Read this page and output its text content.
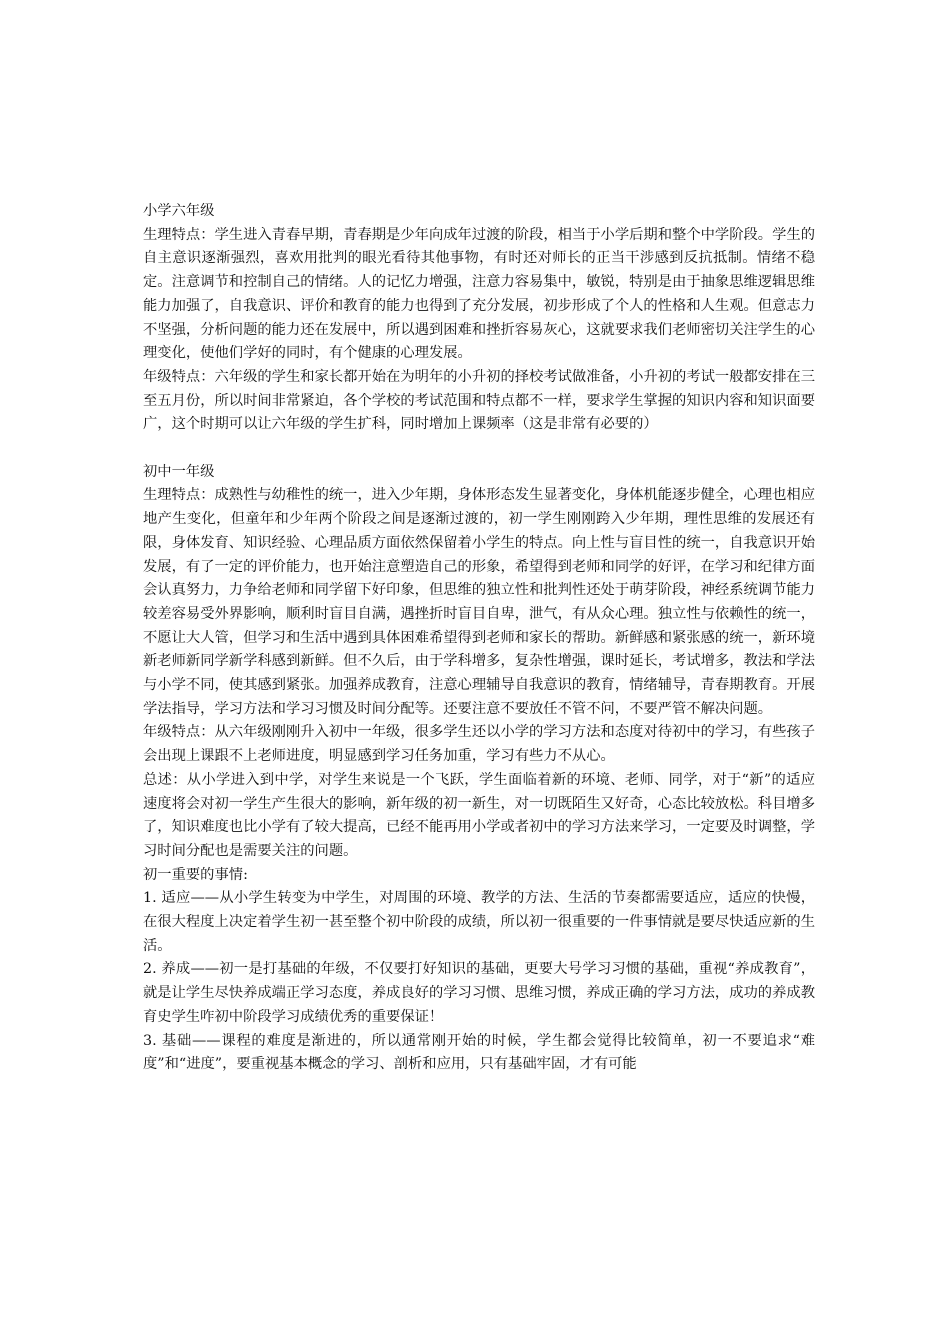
小学六年级

生理特点：学生进入青春早期，青春期是少年向成年过渡的阶段，相当于小学后期和整个中学阶段。学生的自主意识逐渐强烈，喜欢用批判的眼光看待其他事物，有时还对师长的正当干涉感到反抗抵制。情绪不稳定。注意调节和控制自己的情绪。人的记忆力增强，注意力容易集中，敏锐，特别是由于抽象思维逻辑思维能力加强了，自我意识、评价和教育的能力也得到了充分发展，初步形成了个人的性格和人生观。但意志力不坚强，分析问题的能力还在发展中，所以遇到困难和挫折容易灰心，这就要求我们老师密切关注学生的心理变化，使他们学好的同时，有个健康的心理发展。

年级特点：六年级的学生和家长都开始在为明年的小升初的择校考试做准备，小升初的考试一般都安排在三至五月份，所以时间非常紧迫，各个学校的考试范围和特点都不一样，要求学生掌握的知识内容和知识面要广，这个时期可以让六年级的学生扩科，同时增加上课频率（这是非常有必要的）

初中一年级

生理特点：成熟性与幼稚性的统一，进入少年期，身体形态发生显著变化，身体机能逐步健全，心理也相应地产生变化，但童年和少年两个阶段之间是逐渐过渡的，初一学生刚刚跨入少年期，理性思维的发展还有限，身体发育、知识经验、心理品质方面依然保留着小学生的特点。向上性与盲目性的统一，自我意识开始发展，有了一定的评价能力，也开始注意塑造自己的形象，希望得到老师和同学的好评，在学习和纪律方面会认真努力，力争给老师和同学留下好印象，但思维的独立性和批判性还处于萌芽阶段，神经系统调节能力较差容易受外界影响，顺利时盲目自满，遇挫折时盲目自卑，泄气，有从众心理。独立性与依赖性的统一，不愿让大人管，但学习和生活中遇到具体困难希望得到老师和家长的帮助。新鲜感和紧张感的统一，新环境新老师新同学新学科感到新鲜。但不久后，由于学科增多，复杂性增强，课时延长，考试增多，教法和学法与小学不同，使其感到紧张。加强养成教育，注意心理辅导自我意识的教育，情绪辅导，青春期教育。开展学法指导，学习方法和学习习惯及时间分配等。还要注意不要放任不管不问，不要严管不解决问题。

年级特点：从六年级刚刚升入初中一年级，很多学生还以小学的学习方法和态度对待初中的学习，有些孩子会出现上课跟不上老师进度，明显感到学习任务加重，学习有些力不从心。

总述：从小学进入到中学，对学生来说是一个飞跃，学生面临着新的环境、老师、同学，对于“新”的适应速度将会对初一学生产生很大的影响，新年级的初一新生，对一切既陌生又好奇，心态比较放松。科目增多了，知识难度也比小学有了较大提高，已经不能再用小学或者初中的学习方法来学习，一定要及时调整，学习时间分配也是需要关注的问题。

初一重要的事情:

1. 适应——从小学生转变为中学生，对周围的环境、教学的方法、生活的节奏都需要适应，适应的快慢，在很大程度上决定着学生初一甚至整个初中阶段的成绩，所以初一很重要的一件事情就是要尽快适应新的生活。

2. 养成——初一是打基础的年级，不仅要打好知识的基础，更要大号学习习惯的基础，重视“养成教育”，就是让学生尽快养成端正学习态度，养成良好的学习习惯、思维习惯，养成正确的学习方法，成功的养成教育史学生咋初中阶段学习成绩优秀的重要保证！

3. 基础——课程的难度是渐进的，所以通常刚开始的时候，学生都会觉得比较简单，初一不要追求“难度”和“进度”，要重视基本概念的学习、剖析和应用，只有基础牢固，才有可能
